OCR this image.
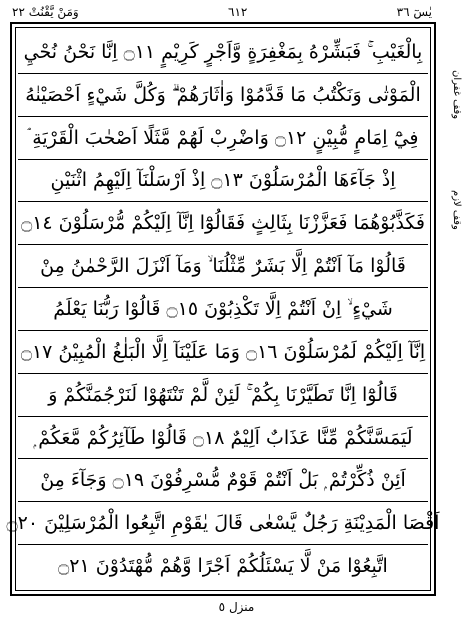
يٰسٓ ٣٦
٦١٢
وَمَنْ يَّقْنُتْ ٢٢
بِالْغَيْبِ ۚ فَبَشِّرْهُ بِمَغْفِرَةٍ وَّاَجْرٍ كَرِيْمٍ ۝١١ اِنَّا نَحْنُ نُحْيِ
الْمَوْتٰى وَنَكْتُبُ مَا قَدَّمُوْا وَاٰثَارَهُمْ ۗ وَكُلَّ شَيْءٍ اَحْصَيْنٰهُ
فِيْٓ اِمَامٍ مُّبِيْنٍ ۝١٢ وَاضْرِبْ لَهُمْ مَّثَلًا اَصْحٰبَ الْقَرْيَةِ ۘ
اِذْ جَآءَهَا الْمُرْسَلُوْنَ ۝١٣ اِذْ اَرْسَلْنَآ اِلَيْهِمُ اثْنَيْنِ
فَكَذَّبُوْهُمَا فَعَزَّزْنَا بِثَالِثٍ فَقَالُوْٓا اِنَّآ اِلَيْكُمْ مُّرْسَلُوْنَ ۝١٤
قَالُوْا مَآ اَنْتُمْ اِلَّا بَشَرٌ مِّثْلُنَا ۙ وَمَآ اَنْزَلَ الرَّحْمٰنُ مِنْ
شَيْءٍ ۙ اِنْ اَنْتُمْ اِلَّا تَكْذِبُوْنَ ۝١٥ قَالُوْا رَبُّنَا يَعْلَمُ
اِنَّآ اِلَيْكُمْ لَمُرْسَلُوْنَ ۝١٦ وَمَا عَلَيْنَآ اِلَّا الْبَلٰغُ الْمُبِيْنُ ۝١٧
قَالُوْٓا اِنَّا تَطَيَّرْنَا بِكُمْ ۚ لَئِنْ لَّمْ تَنْتَهُوْا لَنَرْجُمَنَّكُمْ وَ
لَيَمَسَّنَّكُمْ مِّنَّا عَذَابٌ اَلِيْمٌ ۝١٨ قَالُوْا طَآئِرُكُمْ مَّعَكُمْ ۭ
اَئِنْ ذُكِّرْتُمْ ۭ بَلْ اَنْتُمْ قَوْمٌ مُّسْرِفُوْنَ ۝١٩ وَجَآءَ مِنْ
اَقْصَا الْمَدِيْنَةِ رَجُلٌ يَّسْعٰى قَالَ يٰقَوْمِ اتَّبِعُوا الْمُرْسَلِيْنَ ۝٢٠
اتَّبِعُوْا مَنْ لَّا يَسْئَلُكُمْ اَجْرًا وَّهُمْ مُّهْتَدُوْنَ ۝٢١
وقف غفران
وقف لازم
منزل ٥
